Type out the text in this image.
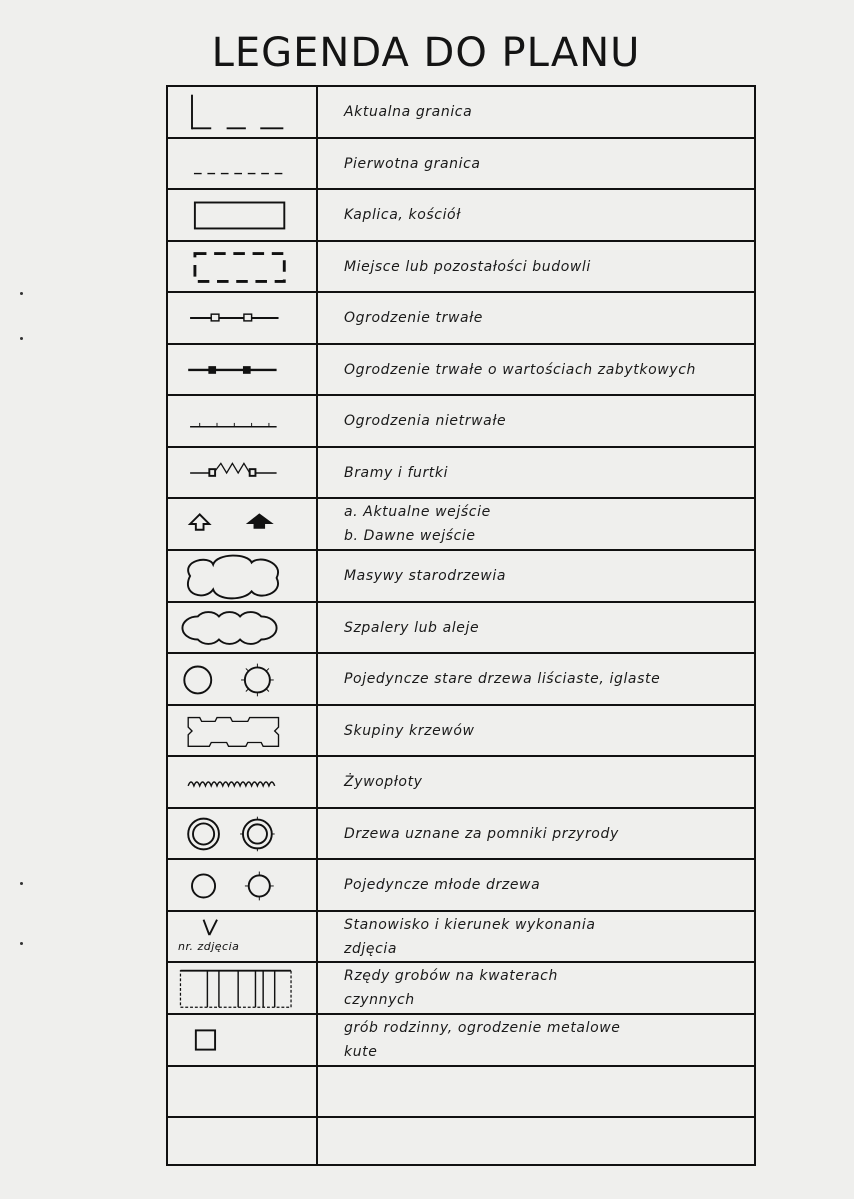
LEGENDA DO PLANU
Aktualna granica
Pierwotna granica
Kaplica, kościół
Miejsce lub pozostałości budowli
Ogrodzenie trwałe
Ogrodzenie trwałe o wartościach zabytkowych
Ogrodzenia nietrwałe
Bramy i furtki
a. Aktualne wejście
b. Dawne wejście
Masywy starodrzewia
Szpalery lub aleje
Pojedyncze stare drzewa liściaste, iglaste
Skupiny krzewów
Żywopłoty
Drzewa uznane za pomniki przyrody
Pojedyncze młode drzewa
nr. zdjęcia
Stanowisko i kierunek wykonania
zdjęcia
Rzędy grobów na kwaterach
czynnych
grób rodzinny, ogrodzenie metalowe
kute
